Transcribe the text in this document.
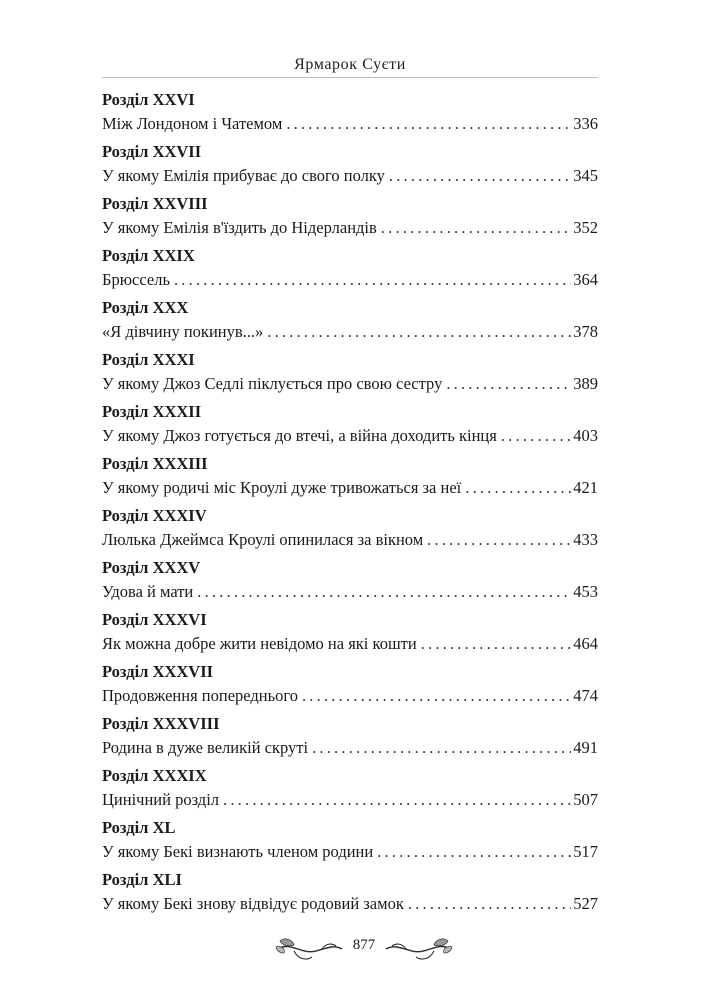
Ярмарок Суєти
Розділ XXVI
Між Лондоном і Чатемом .....	336
Розділ XXVII
У якому Емілія прибуває до свого полку .....	345
Розділ XXVIII
У якому Емілія в'їздить до Нідерландів .....	352
Розділ XXIX
Брюссель .....	364
Розділ XXX
«Я дівчину покинув...» .....	378
Розділ XXXI
У якому Джоз Седлі піклується про свою сестру .....	389
Розділ XXXII
У якому Джоз готується до втечі, а війна доходить кінця .....	403
Розділ XXXIII
У якому родичі міс Кроулі дуже тривожаться за неї .....	421
Розділ XXXIV
Люлька Джеймса Кроулі опинилася за вікном .....	433
Розділ XXXV
Удова й мати .....	453
Розділ XXXVI
Як можна добре жити невідомо на які кошти .....	464
Розділ XXXVII
Продовження попереднього .....	474
Розділ XXXVIII
Родина в дуже великій скруті .....	491
Розділ XXXIX
Цинічний розділ .....	507
Розділ XL
У якому Бекі визнають членом родини .....	517
Розділ XLI
У якому Бекі знову відвідує родовий замок .....	527
877
